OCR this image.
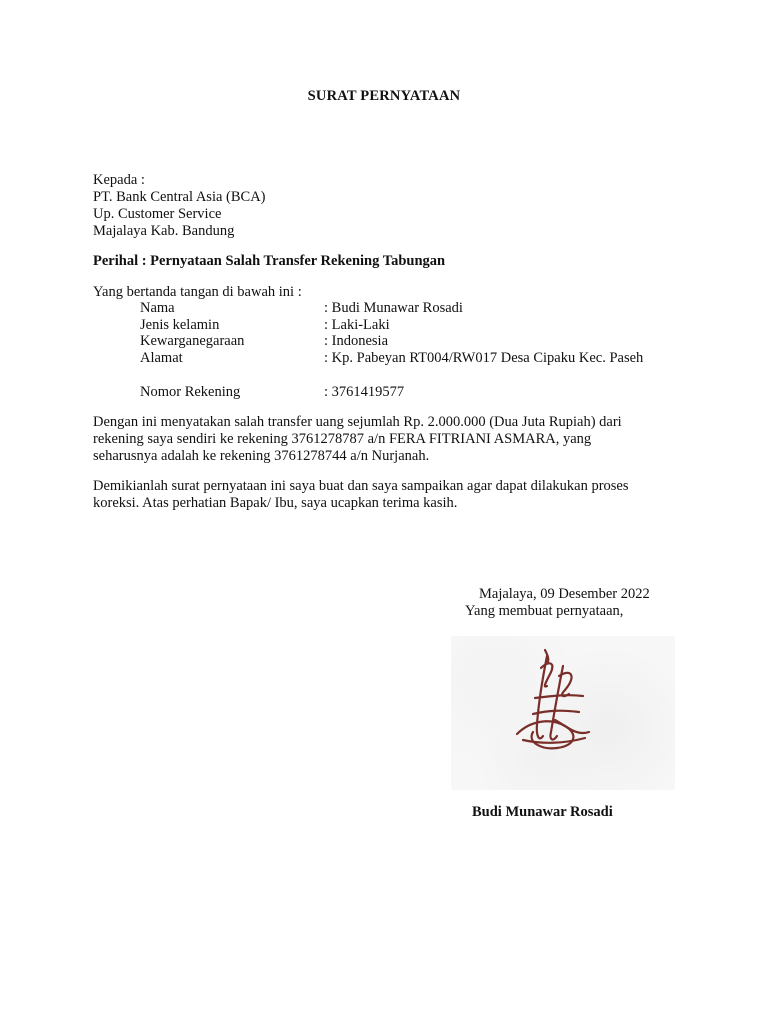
SURAT PERNYATAAN
Kepada :
PT. Bank Central Asia (BCA)
Up. Customer Service
Majalaya Kab. Bandung
Perihal : Pernyataan Salah Transfer Rekening Tabungan
Yang bertanda tangan di bawah ini :
Nama	: Budi Munawar Rosadi
Jenis kelamin	: Laki-Laki
Kewarganegaraan	: Indonesia
Alamat	: Kp. Pabeyan RT004/RW017 Desa Cipaku Kec. Paseh
Nomor Rekening	: 3761419577
Dengan ini menyatakan salah transfer uang sejumlah Rp. 2.000.000 (Dua Juta Rupiah) dari
rekening saya sendiri ke rekening 3761278787 a/n FERA FITRIANI ASMARA, yang
seharusnya adalah ke rekening 3761278744 a/n Nurjanah.
Demikianlah surat pernyataan ini saya buat dan saya sampaikan agar dapat dilakukan proses
koreksi. Atas perhatian Bapak/ Ibu, saya ucapkan terima kasih.
Majalaya, 09 Desember 2022
Yang membuat pernyataan,
Budi Munawar Rosadi
